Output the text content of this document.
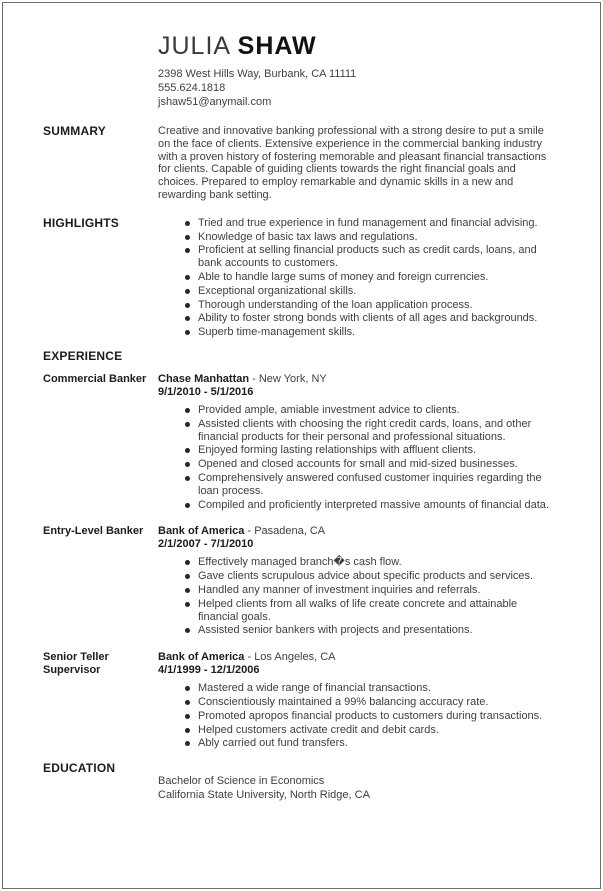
JULIA SHAW
2398 West Hills Way, Burbank, CA 11111
555.624.1818
jshaw51@anymail.com
SUMMARY	Creative and innovative banking professional with a strong desire to put a smile on the face of clients. Extensive experience in the commercial banking industry with a proven history of fostering memorable and pleasant financial transactions for clients. Capable of guiding clients towards the right financial goals and choices. Prepared to employ remarkable and dynamic skills in a new and rewarding bank setting.
HIGHLIGHTS	Tried and true experience in fund management and financial advising.
Knowledge of basic tax laws and regulations.
Proficient at selling financial products such as credit cards, loans, and bank accounts to customers.
Able to handle large sums of money and foreign currencies.
Exceptional organizational skills.
Thorough understanding of the loan application process.
Ability to foster strong bonds with clients of all ages and backgrounds.
Superb time-management skills.
EXPERIENCE
Commercial Banker	Chase Manhattan - New York, NY
9/1/2010 - 5/1/2016
Provided ample, amiable investment advice to clients.
Assisted clients with choosing the right credit cards, loans, and other financial products for their personal and professional situations.
Enjoyed forming lasting relationships with affluent clients.
Opened and closed accounts for small and mid-sized businesses.
Comprehensively answered confused customer inquiries regarding the loan process.
Compiled and proficiently interpreted massive amounts of financial data.
Entry-Level Banker	Bank of America - Pasadena, CA
2/1/2007 - 7/1/2010
Effectively managed branch�s cash flow.
Gave clients scrupulous advice about specific products and services.
Handled any manner of investment inquiries and referrals.
Helped clients from all walks of life create concrete and attainable financial goals.
Assisted senior bankers with projects and presentations.
Senior Teller Supervisor
Bank of America - Los Angeles, CA
4/1/1999 - 12/1/2006
Mastered a wide range of financial transactions.
Conscientiously maintained a 99% balancing accuracy rate.
Promoted apropos financial products to customers during transactions.
Helped customers activate credit and debit cards.
Ably carried out fund transfers.
EDUCATION
Bachelor of Science in Economics
California State University, North Ridge, CA
